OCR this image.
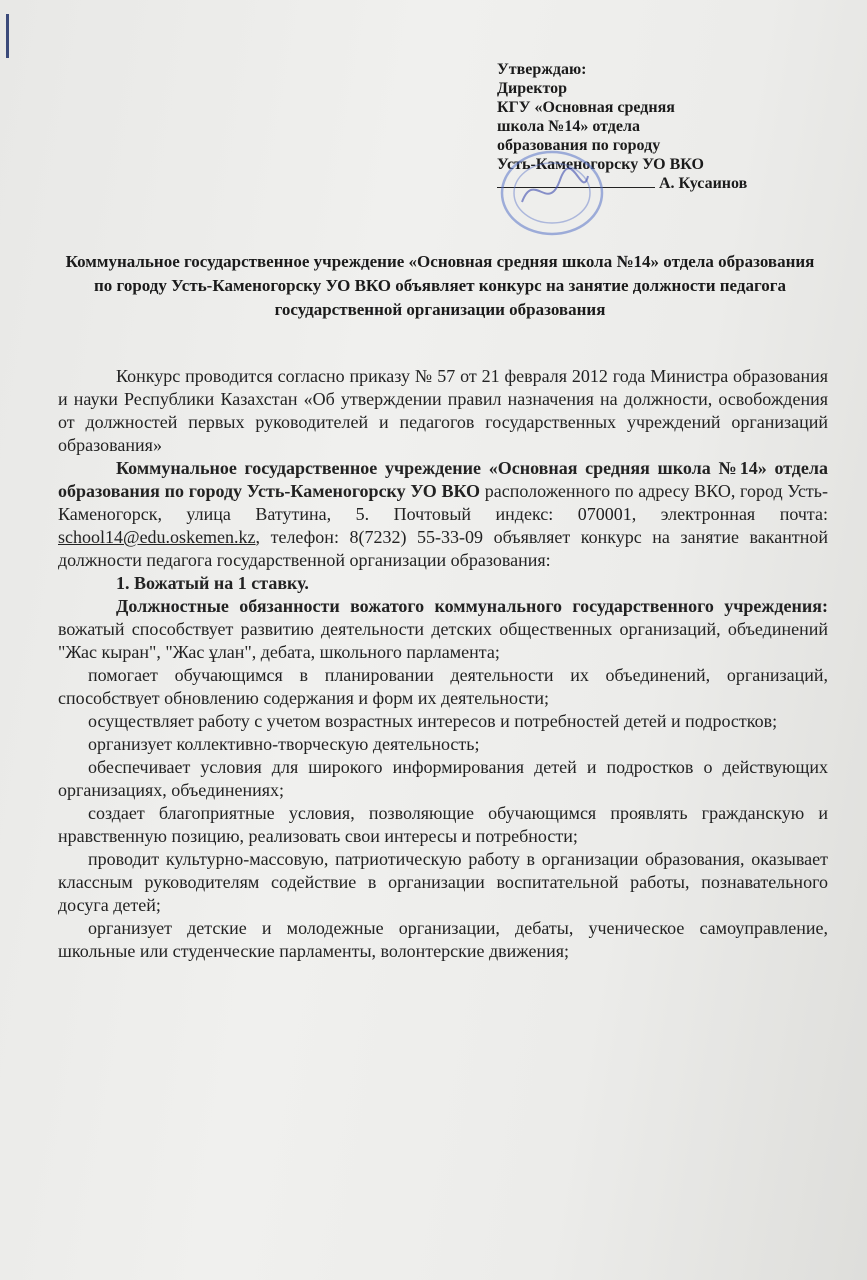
Утверждаю:
Директор
КГУ «Основная средняя
школа №14» отдела
образования по городу
Усть-Каменогорску УО ВКО
А. Кусаинов
Коммунальное государственное учреждение «Основная средняя школа №14» отдела образования по городу Усть-Каменогорску УО ВКО объявляет конкурс на занятие должности педагога государственной организации образования

Конкурс проводится согласно приказу № 57 от 21 февраля 2012 года Министра образования и науки Республики Казахстан «Об утверждении правил назначения на должности, освобождения от должностей первых руководителей и педагогов государственных учреждений организаций образования»

Коммунальное государственное учреждение «Основная средняя школа №14» отдела образования по городу Усть-Каменогорску УО ВКО расположенного по адресу ВКО, город Усть-Каменогорск, улица Ватутина, 5. Почтовый индекс: 070001, электронная почта: school14@edu.oskemen.kz, телефон: 8(7232) 55-33-09 объявляет конкурс на занятие вакантной должности педагога государственной организации образования:

1. Вожатый на 1 ставку.

Должностные обязанности вожатого коммунального государственного учреждения: вожатый способствует развитию деятельности детских общественных организаций, объединений "Жас кыран", "Жас ұлан", дебата, школьного парламента;

помогает обучающимся в планировании деятельности их объединений, организаций, способствует обновлению содержания и форм их деятельности;

осуществляет работу с учетом возрастных интересов и потребностей детей и подростков;

организует коллективно-творческую деятельность;

обеспечивает условия для широкого информирования детей и подростков о действующих организациях, объединениях;

создает благоприятные условия, позволяющие обучающимся проявлять гражданскую и нравственную позицию, реализовать свои интересы и потребности;

проводит культурно-массовую, патриотическую работу в организации образования, оказывает классным руководителям содействие в организации воспитательной работы, познавательного досуга детей;

организует детские и молодежные организации, дебаты, ученическое самоуправление, школьные или студенческие парламенты, волонтерские движения;
